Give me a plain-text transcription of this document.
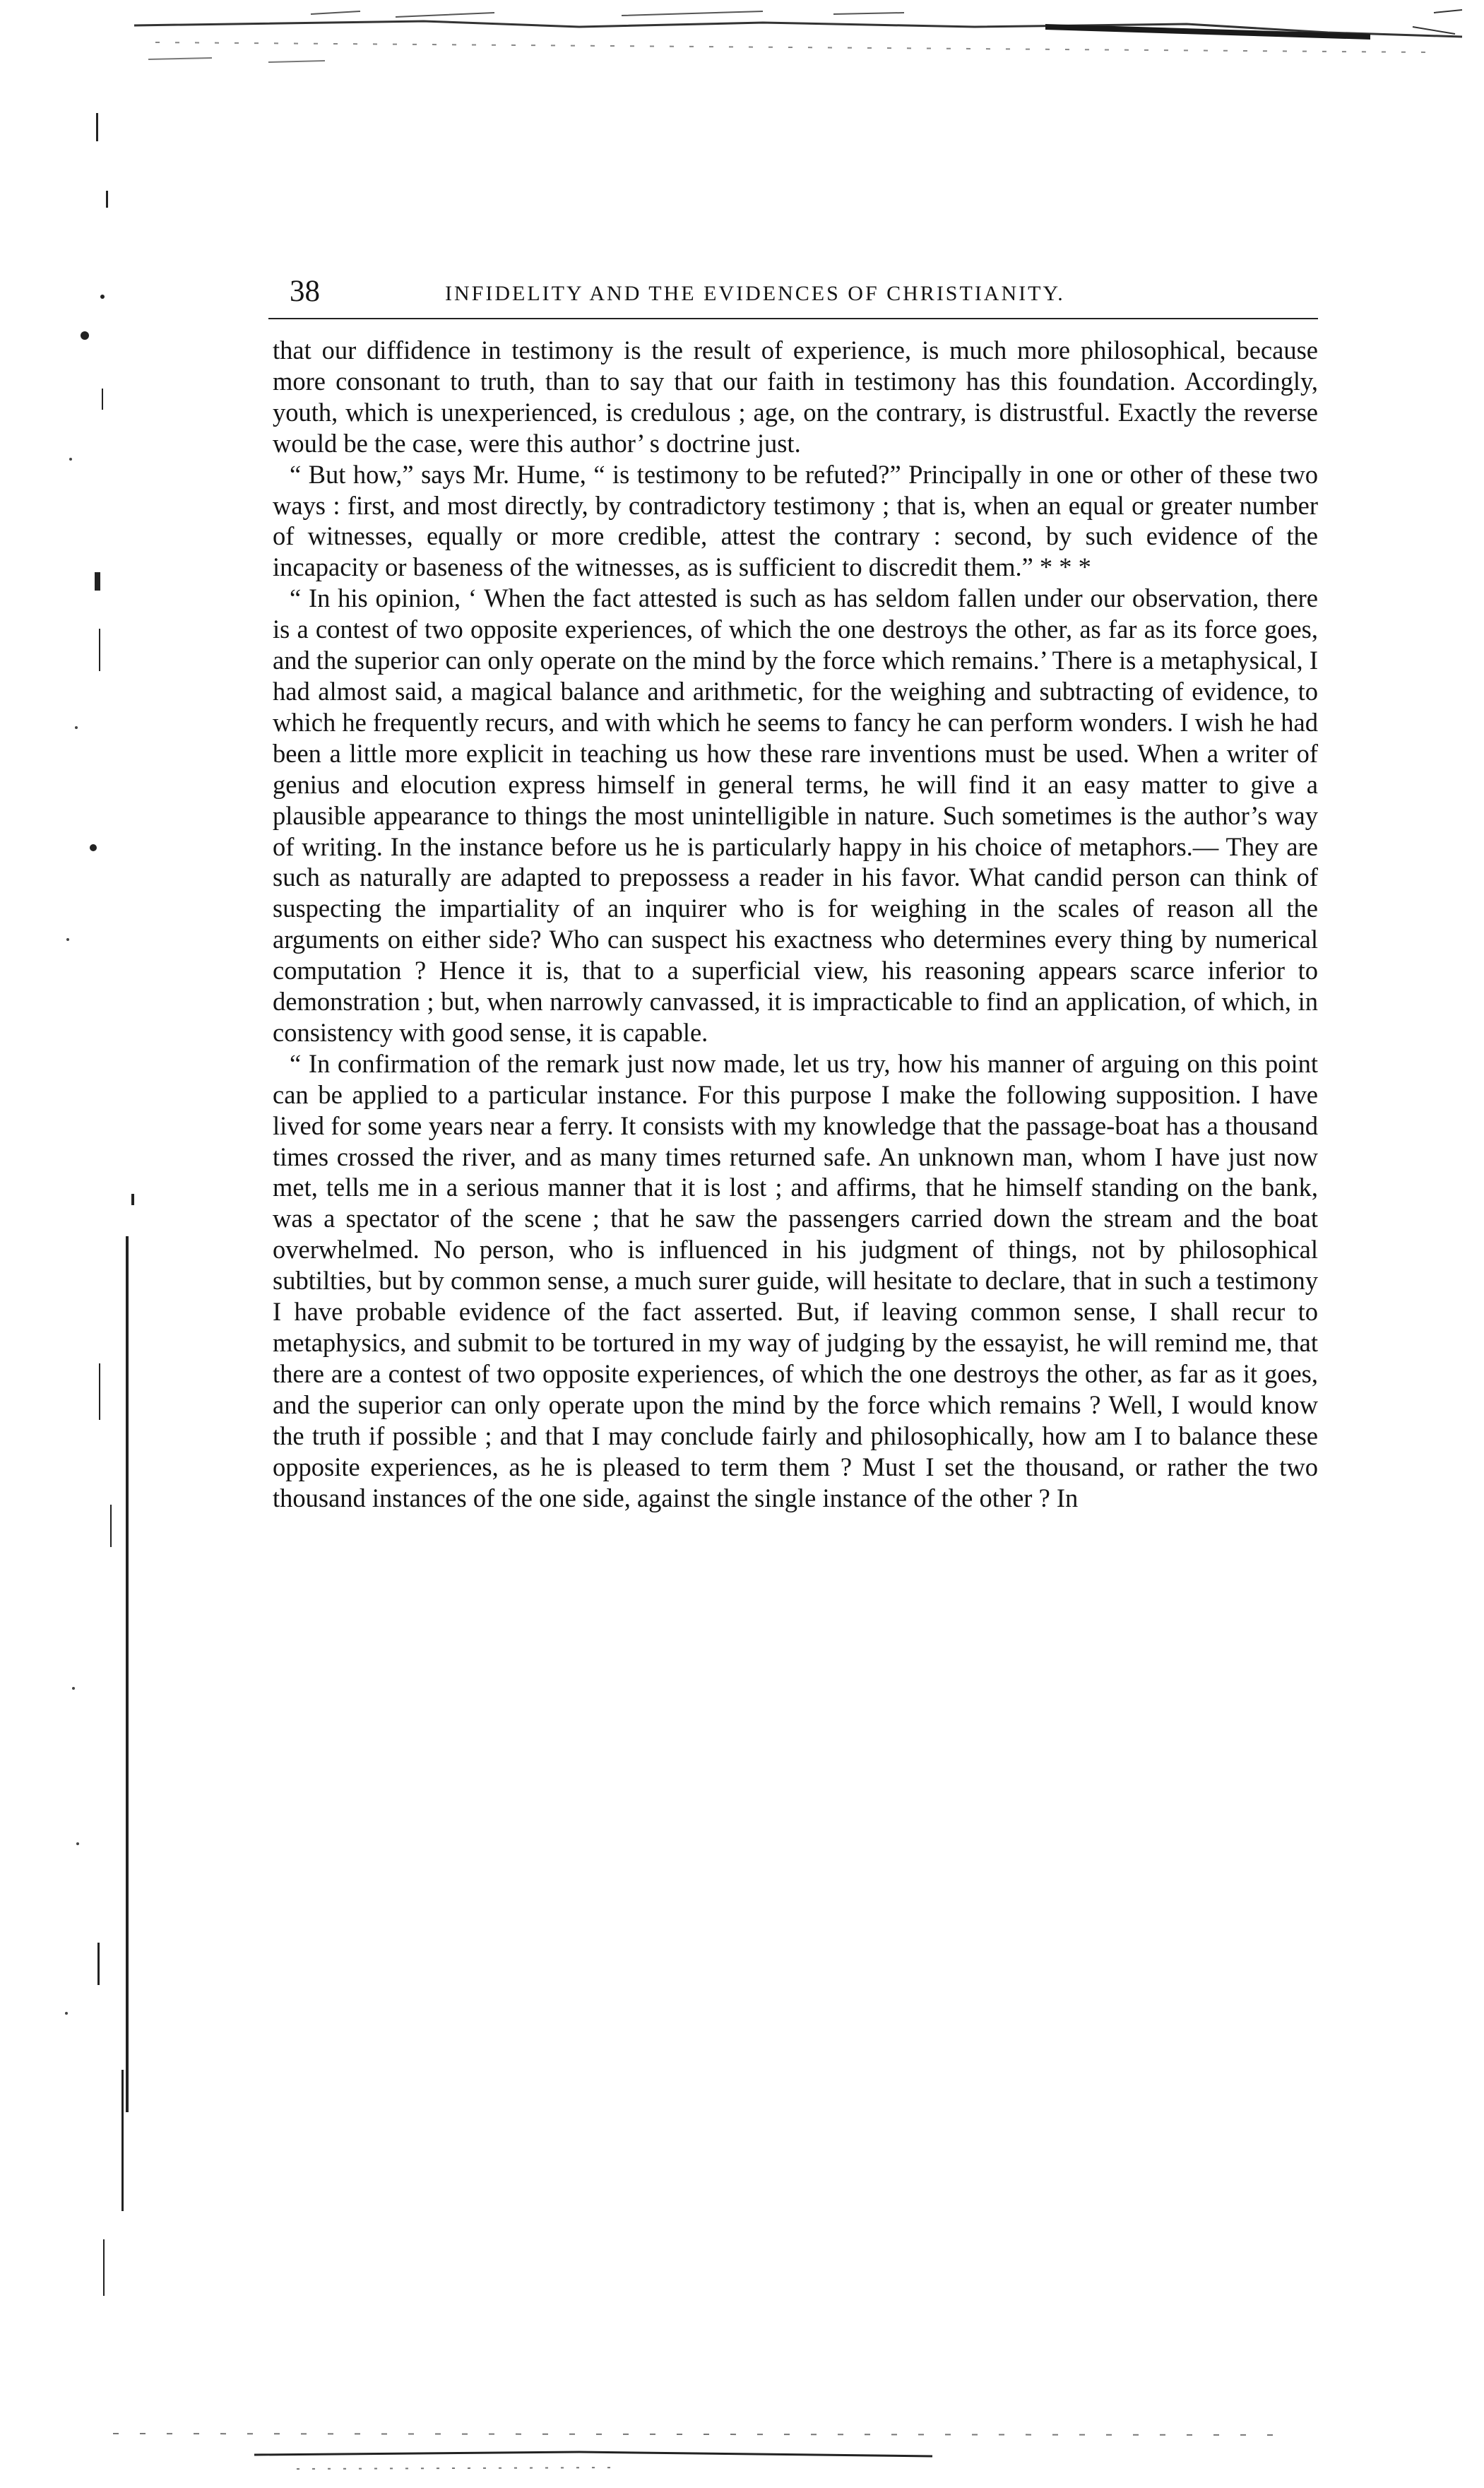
38	INFIDELITY AND THE EVIDENCES OF CHRISTIANITY.

that our diffidence in testimony is the result of experience, is much more philosophical, because more consonant to truth, than to say that our faith in testimony has this foundation. Accordingly, youth, which is unexperienced, is credulous ; age, on the contrary, is distrustful. Exactly the reverse would be the case, were this author’ s doctrine just.

“ But how,” says Mr. Hume, “ is testimony to be refuted?” Principally in one or other of these two ways : first, and most directly, by contradictory testimony ; that is, when an equal or greater number of witnesses, equally or more credible, attest the contrary : second, by such evidence of the incapacity or baseness of the witnesses, as is sufficient to discredit them.” * * *

“ In his opinion, ‘ When the fact attested is such as has seldom fallen under our observation, there is a contest of two opposite experiences, of which the one destroys the other, as far as its force goes, and the superior can only operate on the mind by the force which remains.’ There is a metaphysical, I had almost said, a magical balance and arithmetic, for the weighing and subtracting of evidence, to which he frequently recurs, and with which he seems to fancy he can perform wonders. I wish he had been a little more explicit in teaching us how these rare inventions must be used. When a writer of genius and elocution express himself in general terms, he will find it an easy matter to give a plausible appearance to things the most unintelligible in nature. Such sometimes is the author’s way of writing. In the instance before us he is particularly happy in his choice of metaphors.— They are such as naturally are adapted to prepossess a reader in his favor. What candid person can think of suspecting the impartiality of an inquirer who is for weighing in the scales of reason all the arguments on either side? Who can suspect his exactness who determines every thing by numerical computation ? Hence it is, that to a superficial view, his reasoning appears scarce inferior to demonstration ; but, when narrowly canvassed, it is impracticable to find an application, of which, in consistency with good sense, it is capable.

“ In confirmation of the remark just now made, let us try, how his manner of arguing on this point can be applied to a particular instance. For this purpose I make the following supposition. I have lived for some years near a ferry. It consists with my knowledge that the passage-boat has a thousand times crossed the river, and as many times returned safe. An unknown man, whom I have just now met, tells me in a serious manner that it is lost ; and affirms, that he himself standing on the bank, was a spectator of the scene ; that he saw the passengers carried down the stream and the boat overwhelmed. No person, who is influenced in his judgment of things, not by philosophical subtilties, but by common sense, a much surer guide, will hesitate to declare, that in such a testimony I have probable evidence of the fact asserted. But, if leaving common sense, I shall recur to metaphysics, and submit to be tortured in my way of judging by the essayist, he will remind me, that there are a contest of two opposite experiences, of which the one destroys the other, as far as it goes, and the superior can only operate upon the mind by the force which remains ? Well, I would know the truth if possible ; and that I may conclude fairly and philosophically, how am I to balance these opposite experiences, as he is pleased to term them ? Must I set the thousand, or rather the two thousand instances of the one side, against the single instance of the other ? In
